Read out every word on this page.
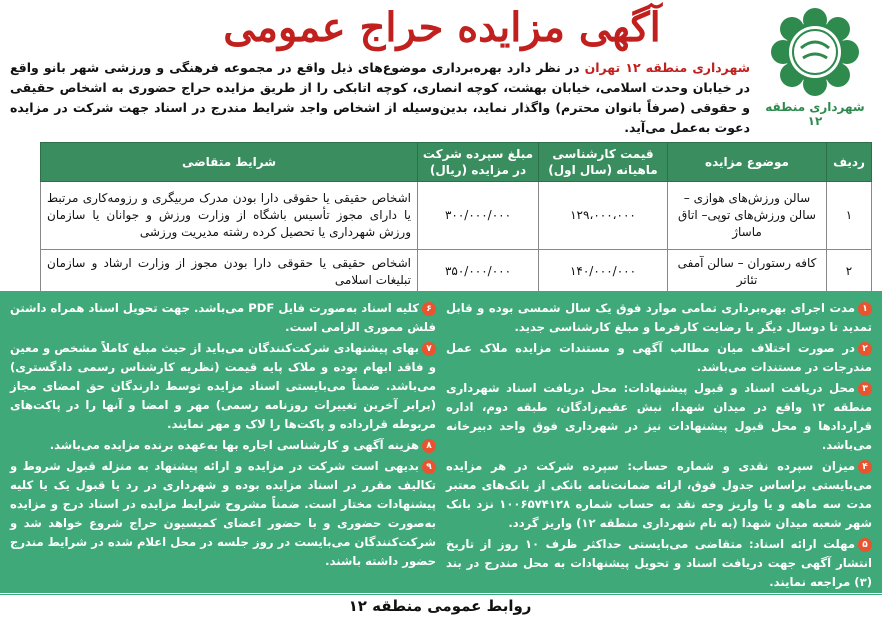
شهرداری منطقه ۱۲
آگهی مزایده حراج عمومی
شهرداری منطقه ۱۲ تهران در نظر دارد بهره‌برداری موضوع‌های ذیل واقع در مجموعه فرهنگی و ورزشی شهر بانو واقع در خیابان وحدت اسلامی، خیابان بهشت، کوچه انصاری، کوچه اتابکی را از طریق مزایده حراج حضوری به اشخاص حقیقی و حقوقی (صرفاً بانوان محترم) واگذار نماید، بدین‌وسیله از اشخاص واجد شرایط مندرج در اسناد جهت شرکت در مزایده دعوت به‌عمل می‌آید.
ردیف	موضوع مزایده	قیمت کارشناسی ماهیانه (سال اول)	مبلغ سپرده شرکت در مزایده (ریال)	شرایط متقاضی
۱	سالن ورزش‌های هوازی – سالن ورزش‌های توپی– اتاق ماساژ	۱۲۹،۰۰۰،۰۰۰	۳۰۰/۰۰۰/۰۰۰	اشخاص حقیقی یا حقوقی دارا بودن مدرک مربیگری و رزومه‌کاری مرتبط یا دارای مجوز تأسیس باشگاه از وزارت ورزش و جوانان یا سازمان ورزش شهرداری یا تحصیل کرده رشته مدیریت ورزشی
۲	کافه رستوران – سالن آمفی تئاتر	۱۴۰/۰۰۰/۰۰۰	۳۵۰/۰۰۰/۰۰۰	اشخاص حقیقی یا حقوقی دارا بودن مجوز از وزارت ارشاد و سازمان تبلیغات اسلامی
۱مدت اجرای بهره‌برداری تمامی موارد فوق یک سال شمسی بوده و قابل تمدید تا دوسال دیگر با رضایت کارفرما و مبلغ کارشناسی جدید.
۲در صورت اختلاف میان مطالب آگهی و مستندات مزایده ملاک عمل مندرجات در مستندات می‌باشد.
۳محل دریافت اسناد و قبول پیشنهادات: محل دریافت اسناد شهرداری منطقه ۱۲ واقع در میدان شهدا، نبش عقیم‌زادگان، طبقه دوم، اداره قراردادها و محل قبول پیشنهادات نیز در شهرداری فوق واحد دبیرخانه می‌باشد.
۴میزان سپرده نقدی و شماره حساب: سپرده شرکت در هر مزایده می‌بایستی براساس جدول فوق، ارائه ضمانت‌نامه بانکی از بانک‌های معتبر مدت سه ماهه و یا واریز وجه نقد به حساب شماره ۱۰۰۶۵۷۴۱۲۸ نزد بانک شهر شعبه میدان شهدا (به نام شهرداری منطقه ۱۲) واریز گردد.
۵مهلت ارائه اسناد: متقاضی می‌بایستی حداکثر ظرف ۱۰ روز از تاریخ انتشار آگهی جهت دریافت اسناد و تحویل پیشنهادات به محل مندرج در بند (۳) مراجعه نمایند.
۶کلیه اسناد به‌صورت فایل PDF می‌باشد. جهت تحویل اسناد همراه داشتن فلش مموری الزامی است.
۷بهای پیشنهادی شرکت‌کنندگان می‌باید از حیث مبلغ کاملاً مشخص و معین و فاقد ابهام بوده و ملاک پایه قیمت (نظریه کارشناس رسمی دادگستری) می‌باشد. ضمناً می‌بایستی اسناد مزایده توسط دارندگان حق امضای مجاز (برابر آخرین تغییرات روزنامه رسمی) مهر و امضا و آنها را در پاکت‌های مربوطه قرارداده و پاکت‌ها را لاک و مهر نمایند.
۸هزینه آگهی و کارشناسی اجاره بها به‌عهده برنده مزایده می‌باشد.
۹بدیهی است شرکت در مزایده و ارائه پیشنهاد به منزله قبول شروط و تکالیف مقرر در اسناد مزایده بوده و شهرداری در رد یا قبول یک یا کلیه پیشنهادات مختار است. ضمناً مشروح شرایط مزایده در اسناد درج و مزایده به‌صورت حضوری و با حضور اعضای کمیسیون حراج شروع خواهد شد و شرکت‌کنندگان می‌بایست در روز جلسه در محل اعلام شده در شرایط مندرج حضور داشته باشند.
روابط عمومی منطقه ۱۲
